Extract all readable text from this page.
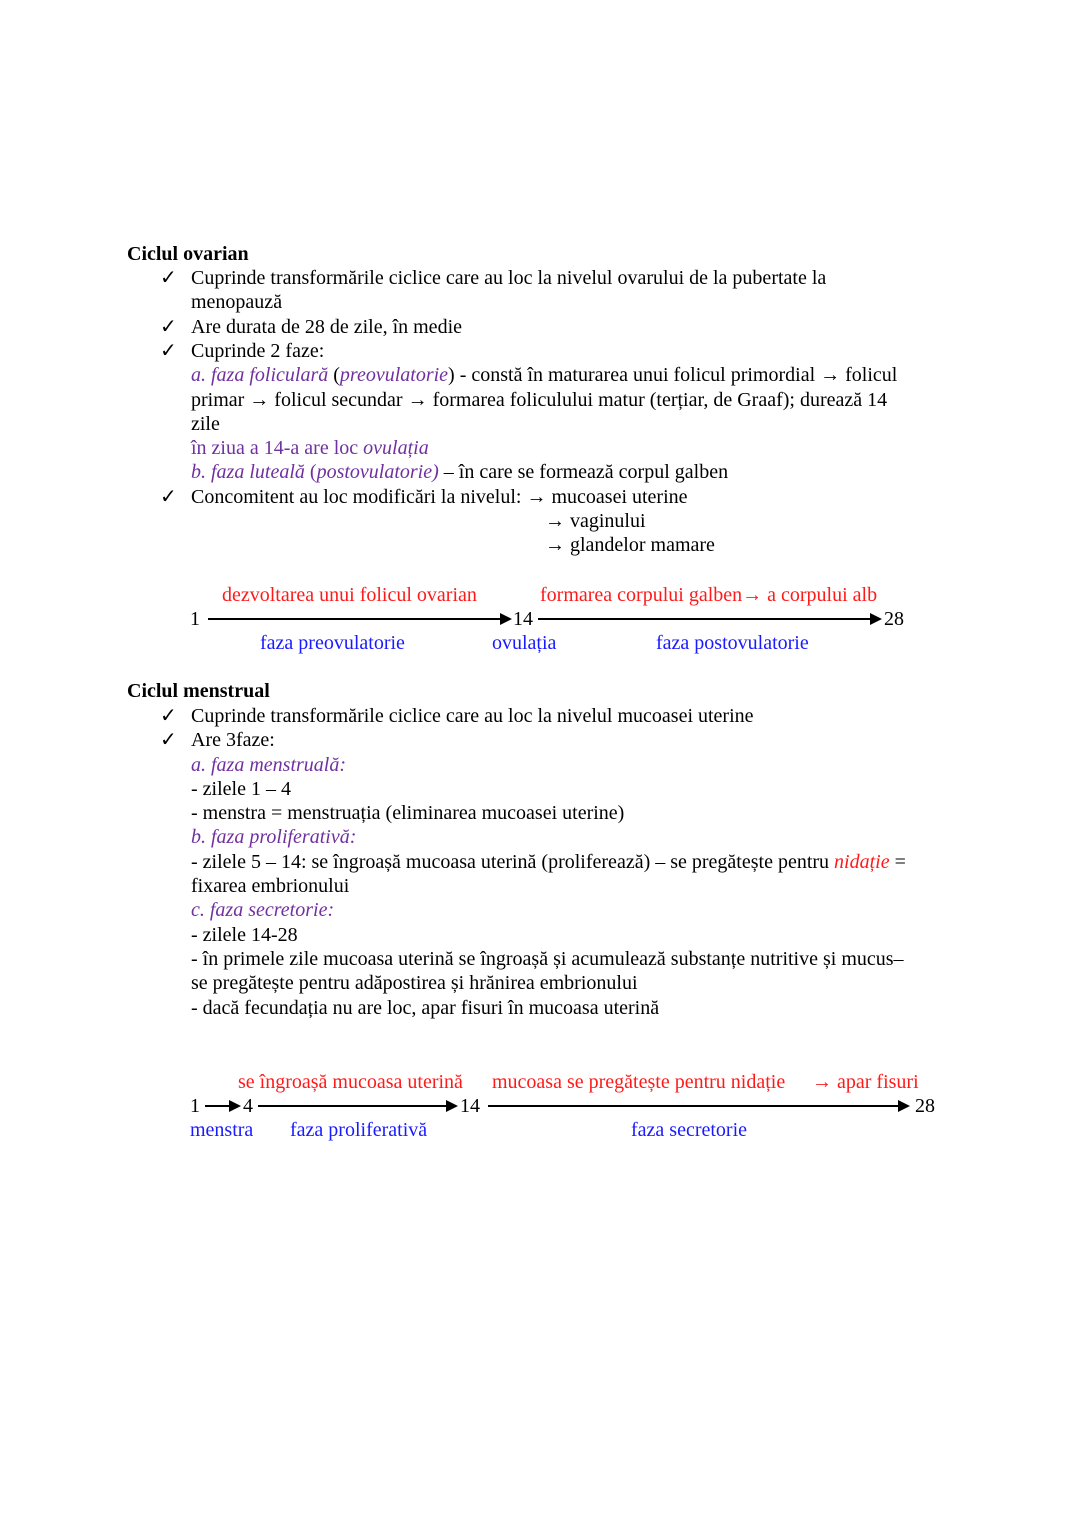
Ciclul ovarian
✓ Cuprinde transformările ciclice care au loc la nivelul ovarului de la pubertate la
menopauză
✓ Are durata de 28 de zile, în medie
✓ Cuprinde 2 faze:
a. faza foliculară (preovulatorie) - constă în maturarea unui folicul primordial → folicul
primar → folicul secundar → formarea foliculului matur (terțiar, de Graaf); durează 14
zile
în ziua a 14-a are loc ovulația
b. faza luteală (postovulatorie) – în care se formează corpul galben
✓ Concomitent au loc modificări la nivelul: → mucoasei uterine
→ vaginului
→ glandelor mamare
dezvoltarea unui folicul ovarian	formarea corpului galben→ a corpului alb
1	14	28
faza preovulatorie	ovulația	faza postovulatorie
Ciclul menstrual
✓ Cuprinde transformările ciclice care au loc la nivelul mucoasei uterine
✓ Are 3faze:
a. faza menstruală:
- zilele 1 – 4
- menstra = menstruația (eliminarea mucoasei uterine)
b. faza proliferativă:
- zilele 5 – 14: se îngroașă mucoasa uterină (proliferează) – se pregătește pentru nidație =
fixarea embrionului
c. faza secretorie:
- zilele 14-28
- în primele zile mucoasa uterină se îngroașă și acumulează substanțe nutritive și mucus–
se pregătește pentru adăpostirea și hrănirea embrionului
- dacă fecundația nu are loc, apar fisuri în mucoasa uterină
se îngroașă mucoasa uterină mucoasa se pregătește pentru nidație → apar fisuri
1 4	14	28
menstra faza proliferativă	faza secretorie
